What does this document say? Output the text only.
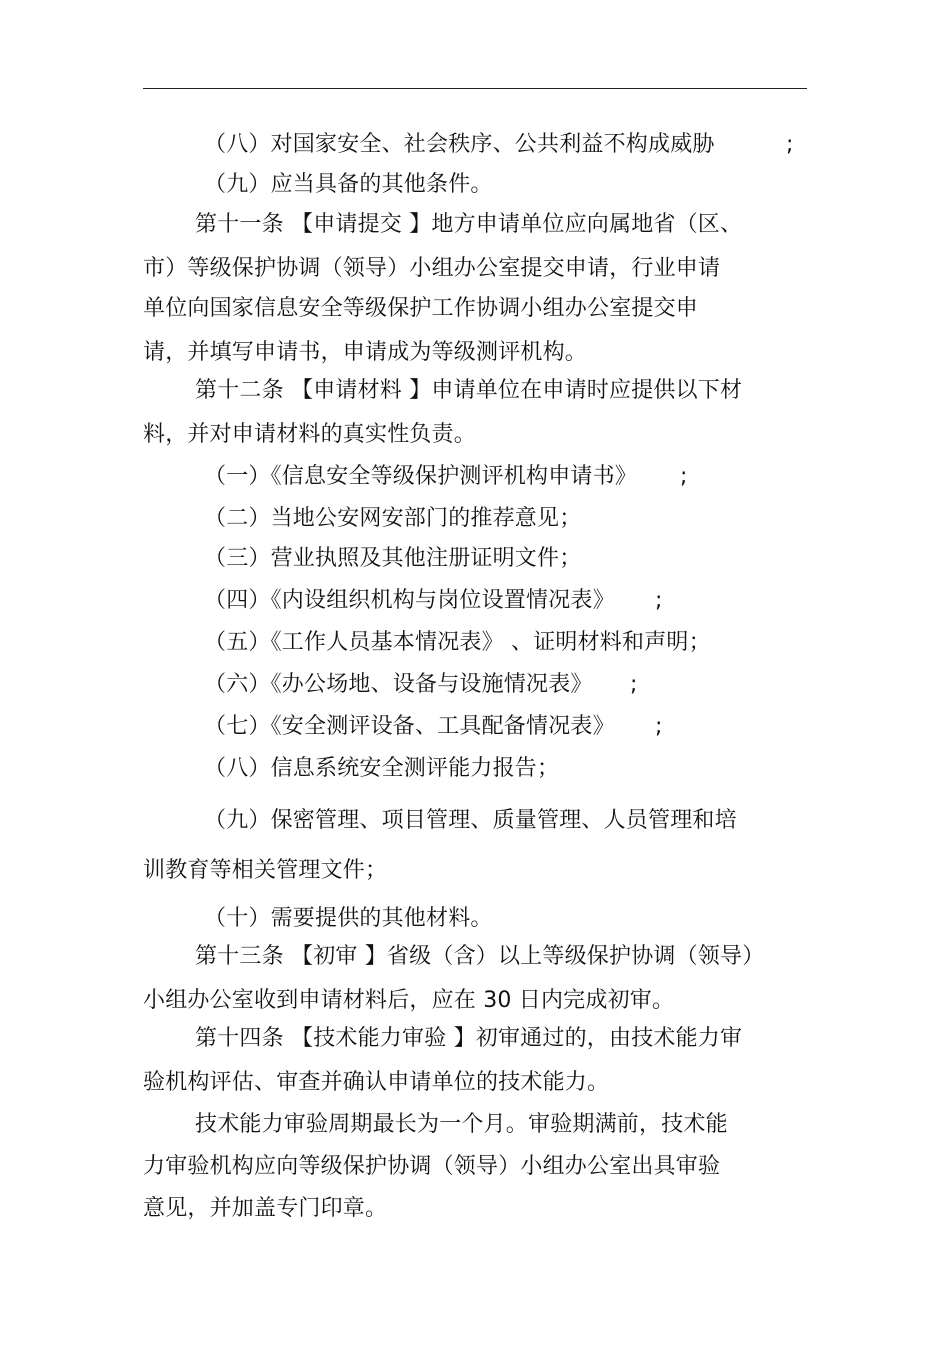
（八）对国家安全、社会秩序、公共利益不构成威胁	;
（九）应当具备的其他条件。
第十一条 【申请提交 】地方申请单位应向属地省（区、
市）等级保护协调（领导）小组办公室提交申请，行业申请
单位向国家信息安全等级保护工作协调小组办公室提交申
请，并填写申请书，申请成为等级测评机构。
第十二条 【申请材料 】申请单位在申请时应提供以下材
料，并对申请材料的真实性负责。
（一）《信息安全等级保护测评机构申请书》 ;
（二）当地公安网安部门的推荐意见；
（三）营业执照及其他注册证明文件；
（四）《内设组织机构与岗位设置情况表》 ;
（五）《工作人员基本情况表》 、证明材料和声明；
（六）《办公场地、设备与设施情况表》 ;
（七）《安全测评设备、工具配备情况表》 ;
（八）信息系统安全测评能力报告；
（九）保密管理、项目管理、质量管理、人员管理和培
训教育等相关管理文件；
（十）需要提供的其他材料。
第十三条 【初审 】省级（含）以上等级保护协调（领导）
小组办公室收到申请材料后，应在 30 日内完成初审。
第十四条 【技术能力审验 】初审通过的，由技术能力审
验机构评估、审查并确认申请单位的技术能力。
技术能力审验周期最长为一个月。审验期满前，技术能
力审验机构应向等级保护协调（领导）小组办公室出具审验
意见，并加盖专门印章。
